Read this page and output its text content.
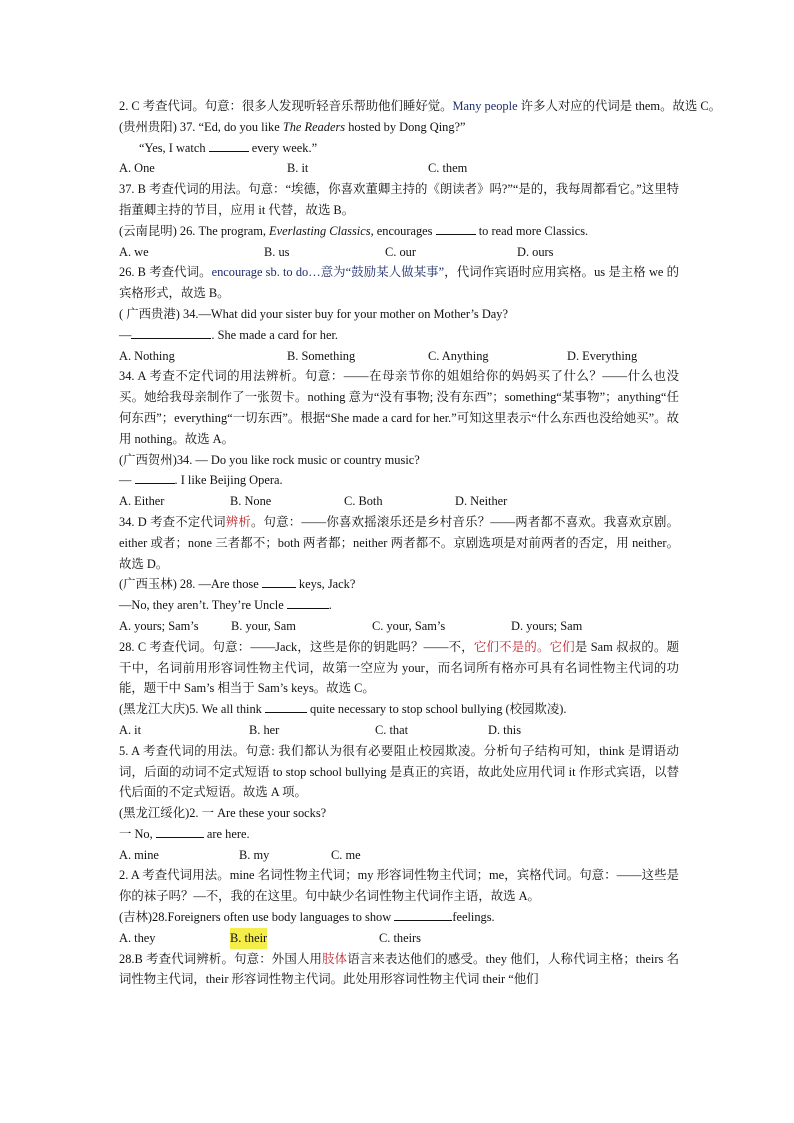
2. C 考查代词。句意：很多人发现听轻音乐帮助他们睡好觉。Many people 许多人对应的代词是 them。故选 C。
(贵州贵阳) 37. “Ed, do you like The Readers hosted by Dong Qing?”
“Yes, I watch	every week.”
A. One	B. it	C. them
37. B 考查代词的用法。句意：“埃德，你喜欢董卿主持的《朗读者》吗?”“是的，我每周都看它。”这里特指董卿主持的节目，应用 it 代替，故选 B。
(云南昆明) 26. The program, Everlasting Classics, encourages	to read more Classics.
A. we	B. us	C. our	D. ours
26. B 考查代词。encourage sb. to do…意为“鼓励某人做某事”，代词作宾语时应用宾格。us 是主格 we 的宾格形式，故选 B。
( 广西贵港) 34.—What did your sister buy for your mother on Mother’s Day?
—	. She made a card for her.
A. Nothing	B. Something	C. Anything	D. Everything
34. A 考查不定代词的用法辨析。句意：——在母亲节你的姐姐给你的妈妈买了什么？——什么也没买。她给我母亲制作了一张贺卡。nothing 意为“没有事物; 没有东西”；something“某事物”；anything“任何东西”；everything“一切东西”。根据“She made a card for her.”可知这里表示“什么东西也没给她买”。故用 nothing。故选 A。
(广西贺州)34. — Do you like rock music or country music?
—	. I like Beijing Opera.
A. Either	B. None	C. Both	D. Neither
34. D 考查不定代词辨析。句意：——你喜欢摇滚乐还是乡村音乐？——两者都不喜欢。我喜欢京剧。either 或者；none 三者都不；both 两者都；neither 两者都不。京剧选项是对前两者的否定，用 neither。故选 D。
(广西玉林) 28. —Are those	keys, Jack?
—No, they aren’t. They’re Uncle	.
A. yours; Sam’s	B. your, Sam	C. your, Sam’s	D. yours; Sam
28. C 考查代词。句意：——Jack，这些是你的钥匙吗？——不，它们不是的。它们是 Sam 叔叔的。题干中，名词前用形容词性物主代词，故第一空应为 your，而名词所有格亦可具有名词性物主代词的功能，题干中 Sam’s 相当于 Sam’s keys。故选 C。
(黑龙江大庆)5. We all think	quite necessary to stop school bullying (校园欺凌).
A. it	B. her	C. that	D. this
5. A 考查代词的用法。句意: 我们都认为很有必要阻止校园欺凌。分析句子结构可知，think 是谓语动词，后面的动词不定式短语 to stop school bullying 是真正的宾语，故此处应用代词 it 作形式宾语，以替代后面的不定式短语。故选 A 项。
(黑龙江绥化)2. 一 Are these your socks?
一 No,	are here.
A. mine	B. my	C. me
2. A 考查代词用法。mine 名词性物主代词；my 形容词性物主代词；me，宾格代词。句意：——这些是你的袜子吗？—不，我的在这里。句中缺少名词性物主代词作主语，故选 A。
(吉林)28.Foreigners often use body languages to show	feelings.
A. they	B. their	C. theirs
28.B 考查代词辨析。句意：外国人用肢体语言来表达他们的感受。they 他们，人称代词主格；theirs 名词性物主代词，their 形容词性物主代词。此处用形容词性物主代词 their “他们
